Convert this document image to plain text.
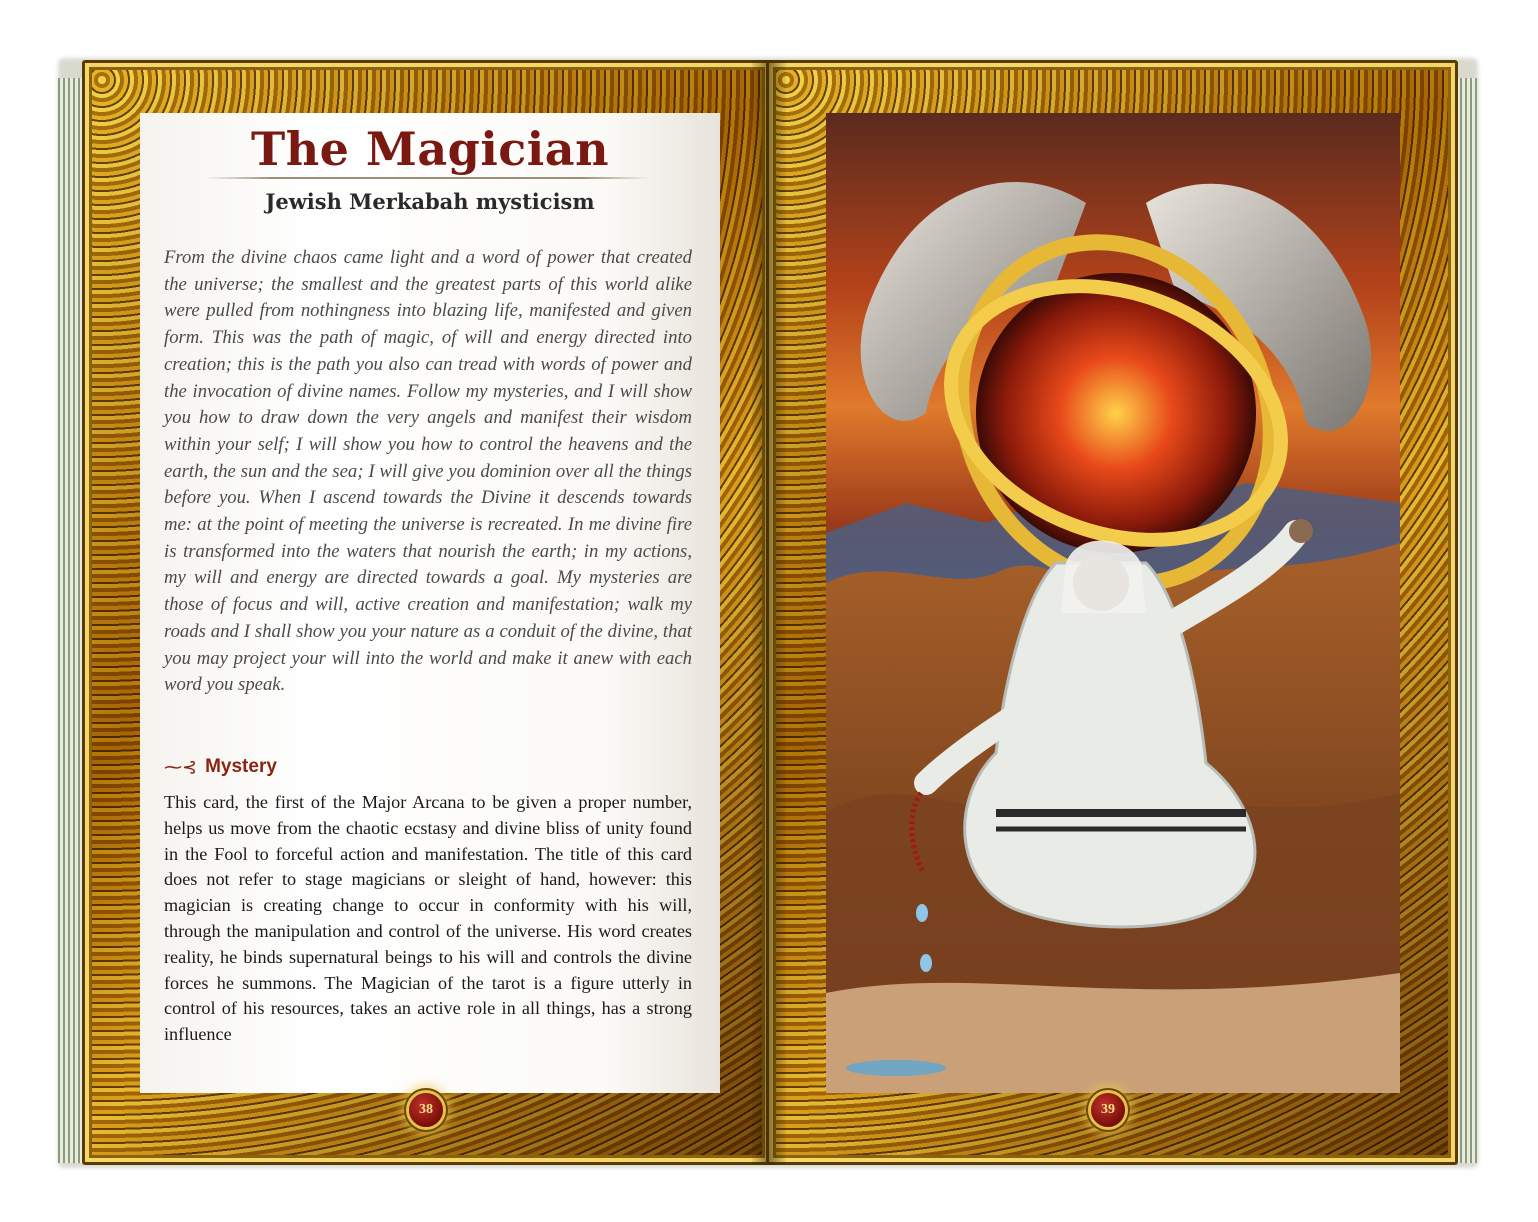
The Magician
Jewish Merkabah mysticism

From the divine chaos came light and a word of power that created the universe; the smallest and the greatest parts of this world alike were pulled from nothingness into blazing life, manifested and given form. This was the path of magic, of will and energy directed into creation; this is the path you also can tread with words of power and the invocation of divine names. Follow my mysteries, and I will show you how to draw down the very angels and manifest their wisdom within your self; I will show you how to control the heavens and the earth, the sun and the sea; I will give you dominion over all the things before you. When I ascend towards the Divine it descends towards me: at the point of meeting the universe is recreated. In me divine fire is transformed into the waters that nourish the earth; in my actions, my will and energy are directed towards a goal. My mysteries are those of focus and will, active creation and manifestation; walk my roads and I shall show you your nature as a conduit of the divine, that you may project your will into the world and make it anew with each word you speak.

⁓⊰ Mystery

This card, the first of the Major Arcana to be given a proper number, helps us move from the chaotic ecstasy and divine bliss of unity found in the Fool to forceful action and manifestation. The title of this card does not refer to stage magicians or sleight of hand, however: this magician is creating change to occur in conformity with his will, through the manipulation and control of the universe. His word creates reality, he binds supernatural beings to his will and controls the divine forces he summons. The Magician of the tarot is a figure utterly in control of his resources, takes an active role in all things, has a strong influence

38	39
